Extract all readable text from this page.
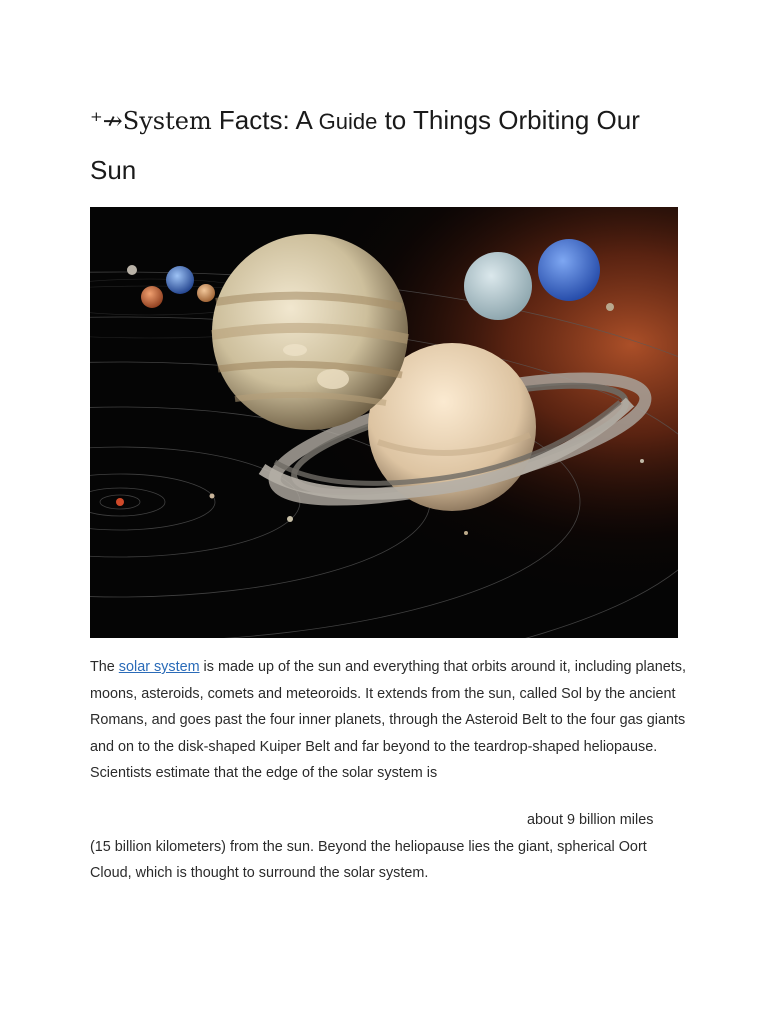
⁺↛System Facts: A Guide to Things Orbiting Our Sun

The solar system is made up of the sun and everything that orbits around it, including planets, moons, asteroids, comets and meteoroids. It extends from the sun, called Sol by the ancient Romans, and goes past the four inner planets, through the Asteroid Belt to the four gas giants and on to the disk-shaped Kuiper Belt and far beyond to the teardrop-shaped heliopause. Scientists estimate that the edge of the solar system is

about 9 billion miles
(15 billion kilometers) from the sun. Beyond the heliopause lies the giant, spherical Oort Cloud, which is thought to surround the solar system.
